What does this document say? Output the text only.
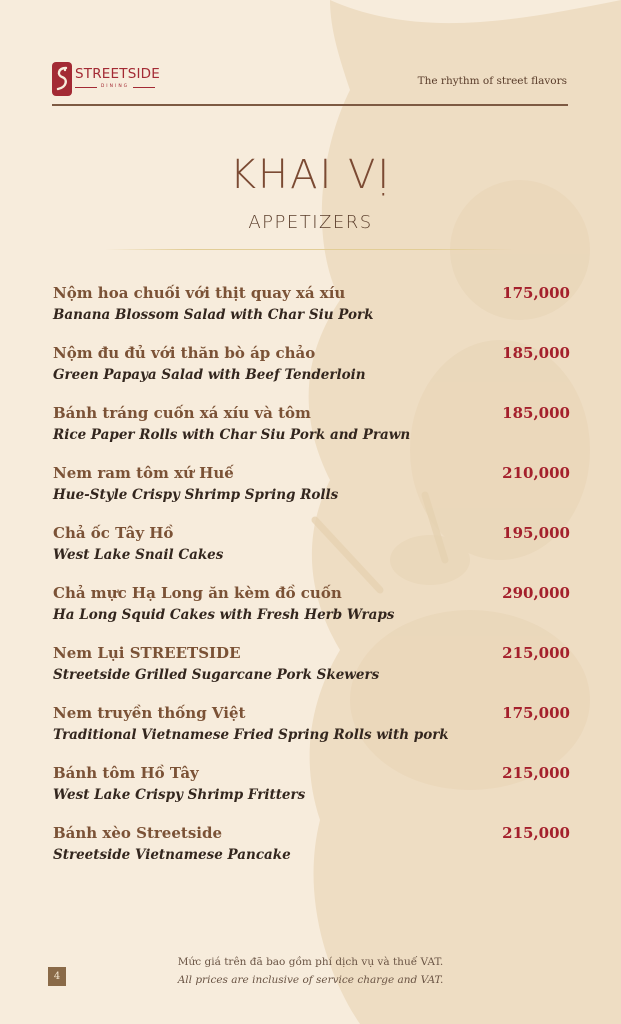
STREETSIDE
DINING	The rhythm of street flavors
KHAI VỊ
APPETIZERS
Nộm hoa chuối với thịt quay xá xíu
Banana Blossom Salad with Char Siu Pork
175,000
Nộm đu đủ với thăn bò áp chảo
Green Papaya Salad with Beef Tenderloin
185,000
Bánh tráng cuốn xá xíu và tôm
Rice Paper Rolls with Char Siu Pork and Prawn
185,000
Nem ram tôm xứ Huế
Hue-Style Crispy Shrimp Spring Rolls
210,000
Chả ốc Tây Hồ
West Lake Snail Cakes
195,000
Chả mực Hạ Long ăn kèm đồ cuốn
Ha Long Squid Cakes with Fresh Herb Wraps
290,000
Nem Lụi STREETSIDE
Streetside Grilled Sugarcane Pork Skewers
215,000
Nem truyền thống Việt
Traditional Vietnamese Fried Spring Rolls with pork
175,000
Bánh tôm Hồ Tây
West Lake Crispy Shrimp Fritters
215,000
Bánh xèo Streetside
Streetside Vietnamese Pancake
215,000
4
Mức giá trên đã bao gồm phí dịch vụ và thuế VAT.
All prices are inclusive of service charge and VAT.
